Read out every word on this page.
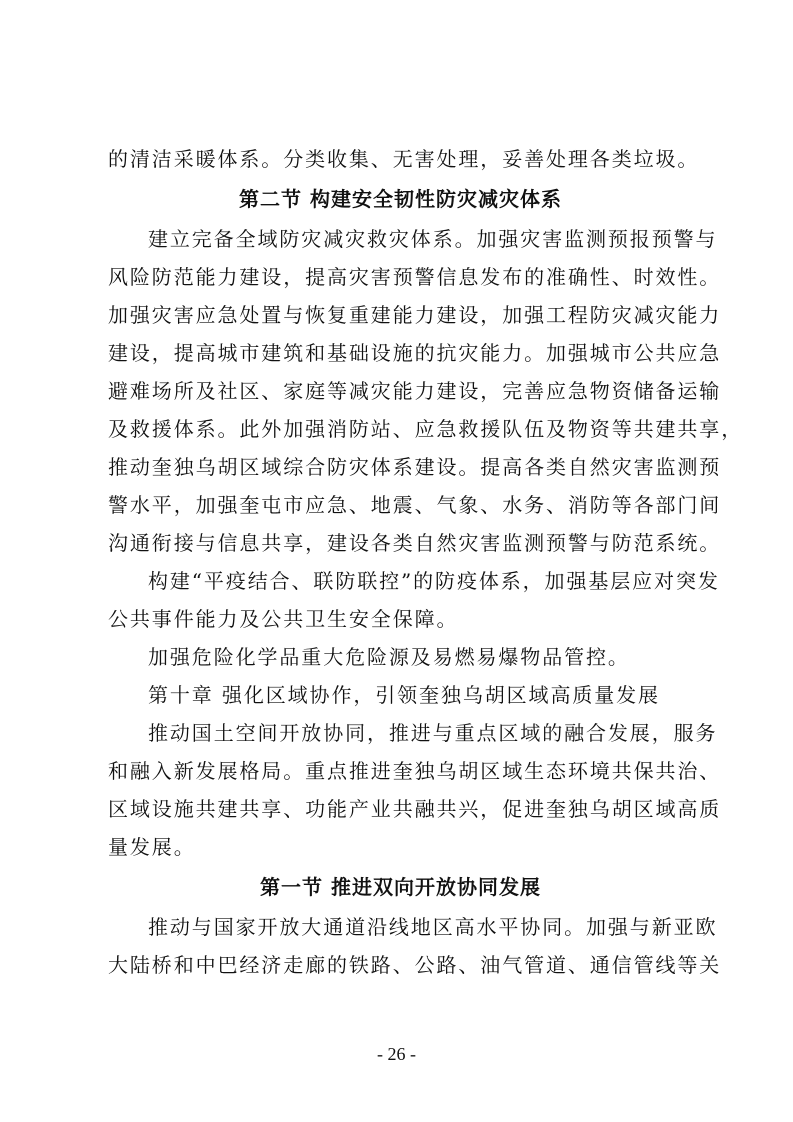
的清洁采暖体系。分类收集、无害处理，妥善处理各类垃圾。
第二节 构建安全韧性防灾减灾体系
建立完备全域防灾减灾救灾体系。加强灾害监测预报预警与
风险防范能力建设，提高灾害预警信息发布的准确性、时效性。
加强灾害应急处置与恢复重建能力建设，加强工程防灾减灾能力
建设，提高城市建筑和基础设施的抗灾能力。加强城市公共应急
避难场所及社区、家庭等减灾能力建设，完善应急物资储备运输
及救援体系。此外加强消防站、应急救援队伍及物资等共建共享，
推动奎独乌胡区域综合防灾体系建设。提高各类自然灾害监测预
警水平，加强奎屯市应急、地震、气象、水务、消防等各部门间
沟通衔接与信息共享，建设各类自然灾害监测预警与防范系统。
构建“平疫结合、联防联控”的防疫体系，加强基层应对突发
公共事件能力及公共卫生安全保障。
加强危险化学品重大危险源及易燃易爆物品管控。
第十章 强化区域协作，引领奎独乌胡区域高质量发展
推动国土空间开放协同，推进与重点区域的融合发展，服务
和融入新发展格局。重点推进奎独乌胡区域生态环境共保共治、
区域设施共建共享、功能产业共融共兴，促进奎独乌胡区域高质
量发展。
第一节 推进双向开放协同发展
推动与国家开放大通道沿线地区高水平协同。加强与新亚欧
大陆桥和中巴经济走廊的铁路、公路、油气管道、通信管线等关
- 26 -
